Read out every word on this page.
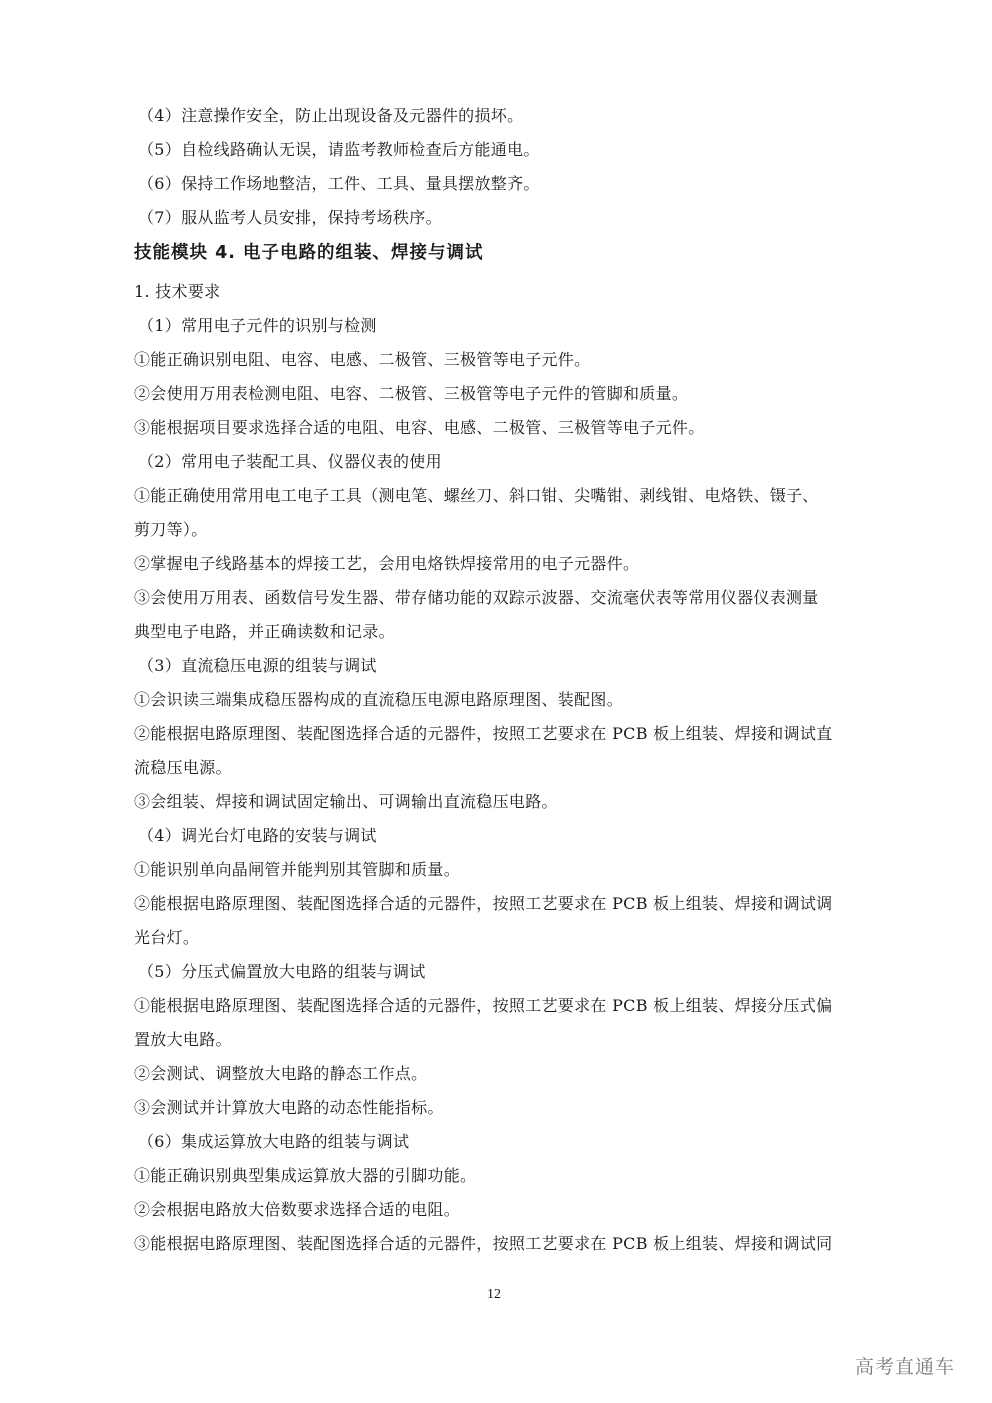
（4）注意操作安全，防止出现设备及元器件的损坏。
（5）自检线路确认无误，请监考教师检查后方能通电。
（6）保持工作场地整洁，工件、工具、量具摆放整齐。
（7）服从监考人员安排，保持考场秩序。
技能模块 4. 电子电路的组装、焊接与调试
1. 技术要求
（1）常用电子元件的识别与检测
①能正确识别电阻、电容、电感、二极管、三极管等电子元件。
②会使用万用表检测电阻、电容、二极管、三极管等电子元件的管脚和质量。
③能根据项目要求选择合适的电阻、电容、电感、二极管、三极管等电子元件。
（2）常用电子装配工具、仪器仪表的使用
①能正确使用常用电工电子工具（测电笔、螺丝刀、斜口钳、尖嘴钳、剥线钳、电烙铁、镊子、
剪刀等）。
②掌握电子线路基本的焊接工艺，会用电烙铁焊接常用的电子元器件。
③会使用万用表、函数信号发生器、带存储功能的双踪示波器、交流毫伏表等常用仪器仪表测量
典型电子电路，并正确读数和记录。
（3）直流稳压电源的组装与调试
①会识读三端集成稳压器构成的直流稳压电源电路原理图、装配图。
②能根据电路原理图、装配图选择合适的元器件，按照工艺要求在 PCB 板上组装、焊接和调试直
流稳压电源。
③会组装、焊接和调试固定输出、可调输出直流稳压电路。
（4）调光台灯电路的安装与调试
①能识别单向晶闸管并能判别其管脚和质量。
②能根据电路原理图、装配图选择合适的元器件，按照工艺要求在 PCB 板上组装、焊接和调试调
光台灯。
（5）分压式偏置放大电路的组装与调试
①能根据电路原理图、装配图选择合适的元器件，按照工艺要求在 PCB 板上组装、焊接分压式偏
置放大电路。
②会测试、调整放大电路的静态工作点。
③会测试并计算放大电路的动态性能指标。
（6）集成运算放大电路的组装与调试
①能正确识别典型集成运算放大器的引脚功能。
②会根据电路放大倍数要求选择合适的电阻。
③能根据电路原理图、装配图选择合适的元器件，按照工艺要求在 PCB 板上组装、焊接和调试同
12
高考直通车
